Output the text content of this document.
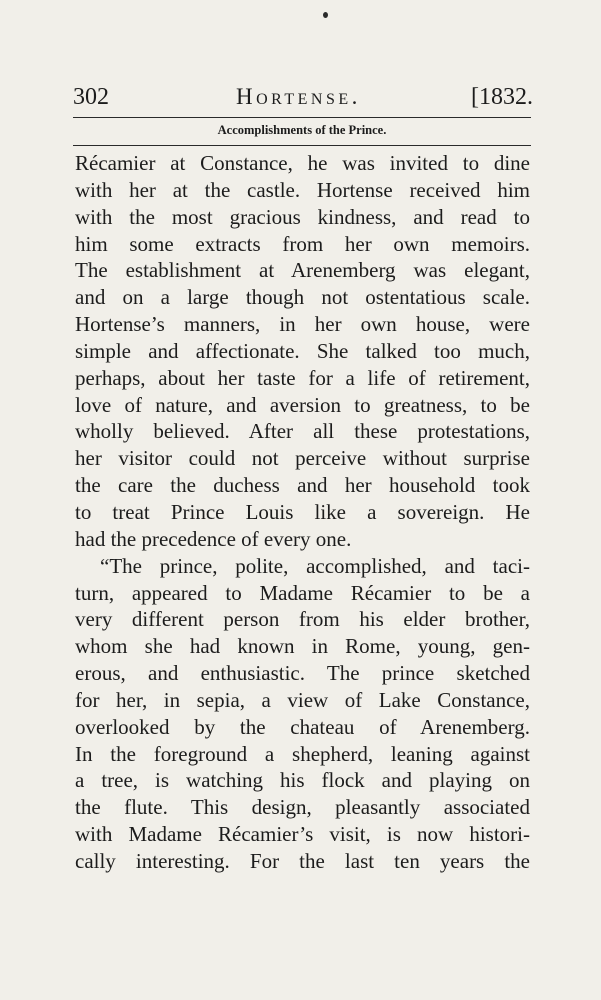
302	Hortense.	[1832.
Accomplishments of the Prince.
Récamier at Constance, he was invited to dine
with her at the castle. Hortense received him
with the most gracious kindness, and read to
him some extracts from her own memoirs.
The establishment at Arenemberg was elegant,
and on a large though not ostentatious scale.
Hortense’s manners, in her own house, were
simple and affectionate. She talked too much,
perhaps, about her taste for a life of retirement,
love of nature, and aversion to greatness, to be
wholly believed. After all these protestations,
her visitor could not perceive without surprise
the care the duchess and her household took
to treat Prince Louis like a sovereign. He
had the precedence of every one.
“The prince, polite, accomplished, and taci-
turn, appeared to Madame Récamier to be a
very different person from his elder brother,
whom she had known in Rome, young, gen-
erous, and enthusiastic. The prince sketched
for her, in sepia, a view of Lake Constance,
overlooked by the chateau of Arenemberg.
In the foreground a shepherd, leaning against
a tree, is watching his flock and playing on
the flute. This design, pleasantly associated
with Madame Récamier’s visit, is now histori-
cally interesting. For the last ten years the
